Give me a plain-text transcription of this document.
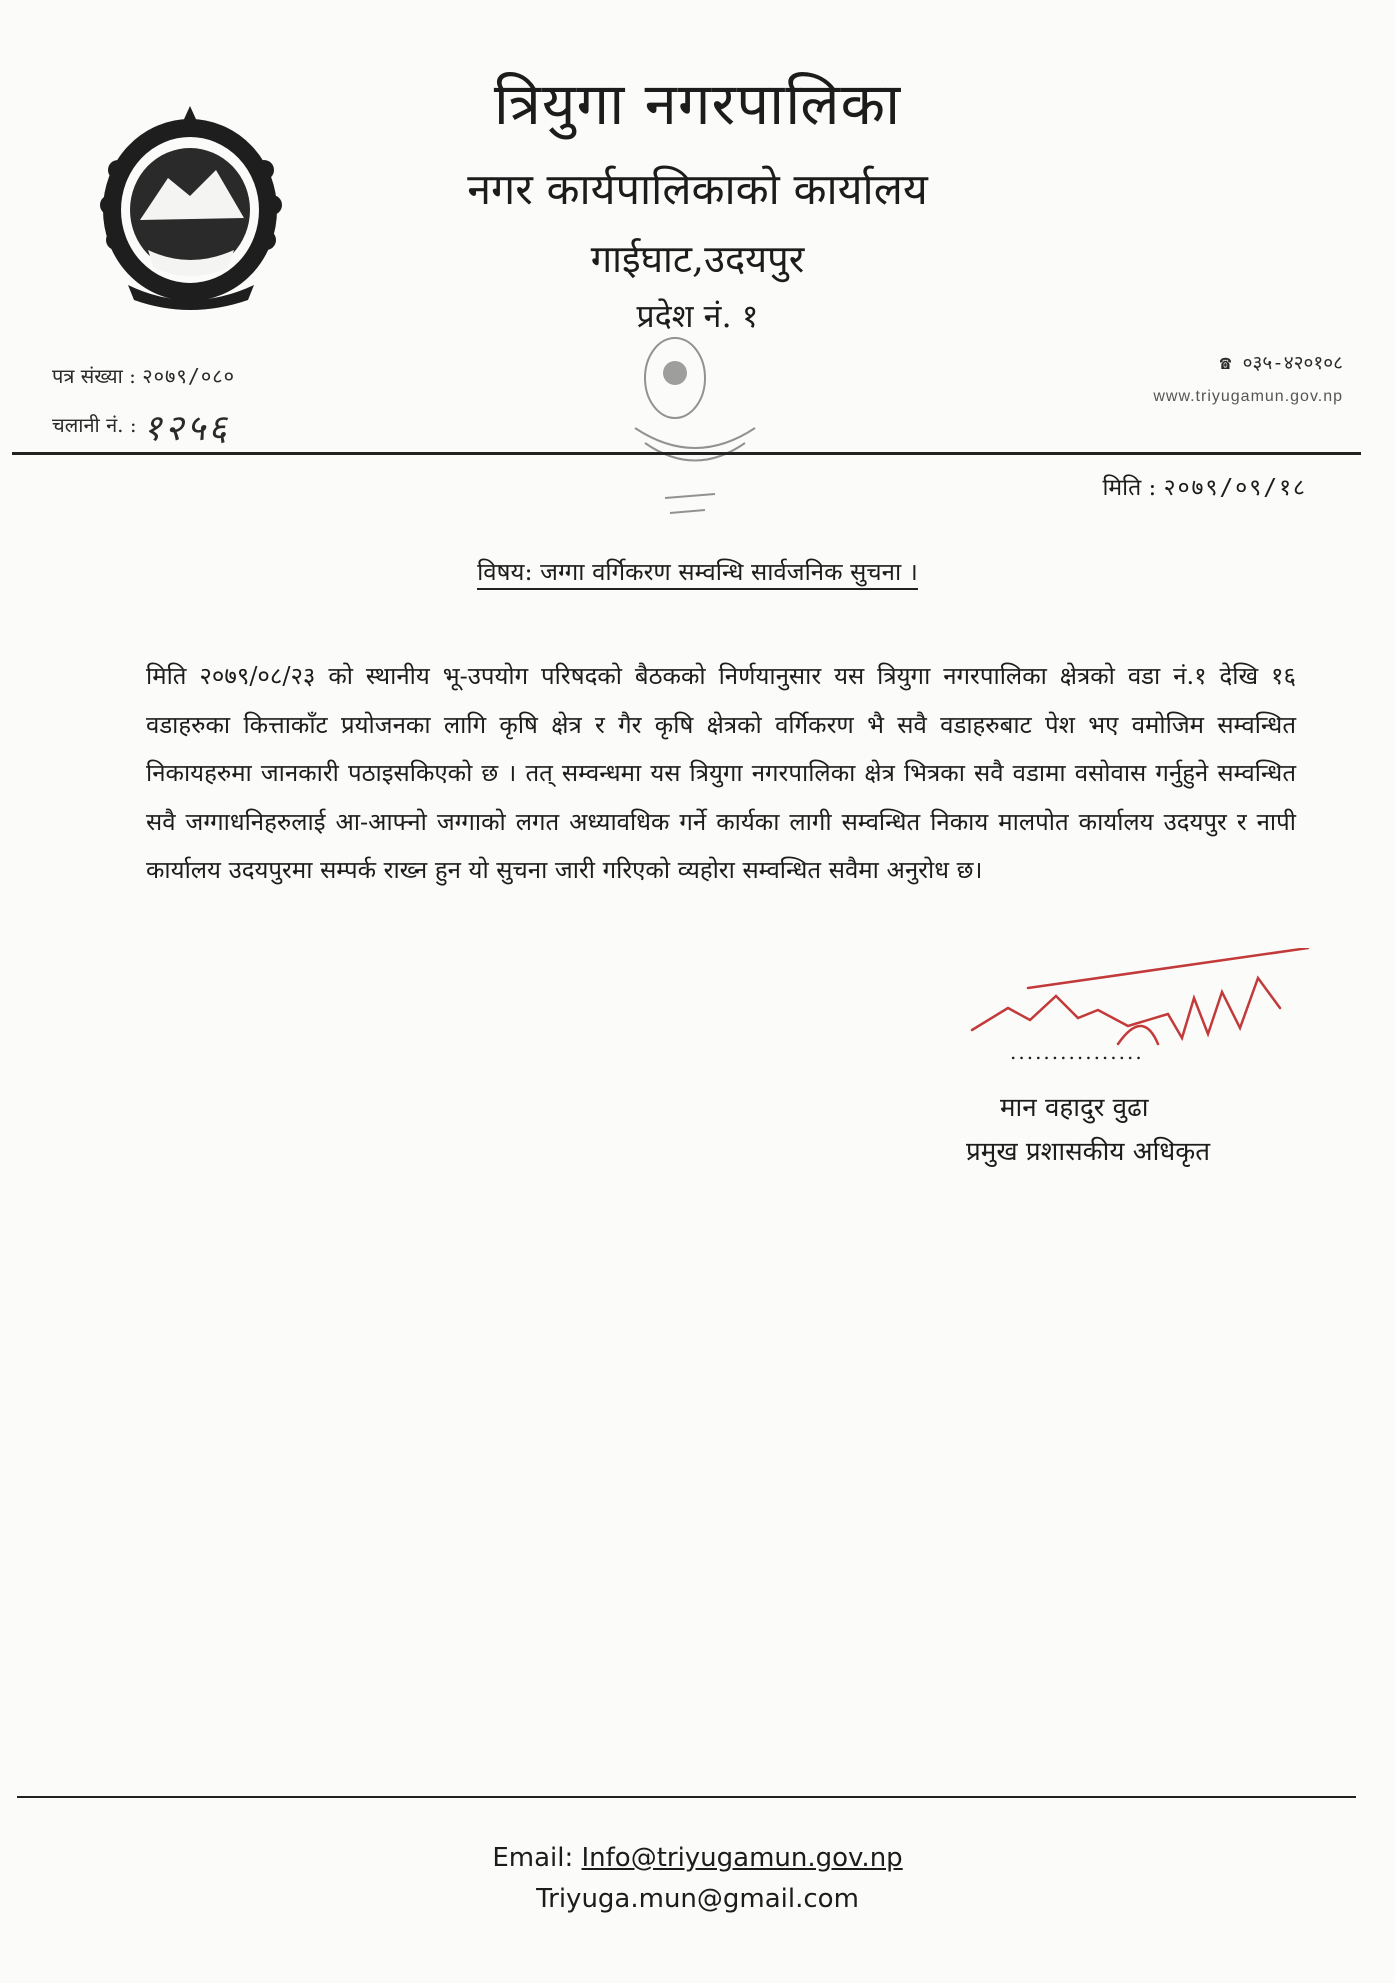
त्रियुगा नगरपालिका
नगर कार्यपालिकाको कार्यालय
गाईघाट,उदयपुर
प्रदेश नं. १
पत्र संख्या : २०७९/०८०
चलानी नं. : १२५६
☎ ०३५-४२०१०८
www.triyugamun.gov.np
मिति : २०७९/०९/१८
विषय: जग्गा वर्गिकरण सम्वन्धि सार्वजनिक सुचना ।
मिति २०७९/०८/२३ को स्थानीय भू-उपयोग परिषदको बैठकको निर्णयानुसार यस त्रियुगा नगरपालिका क्षेत्रको वडा नं.१ देखि १६ वडाहरुका कित्ताकाँट प्रयोजनका लागि कृषि क्षेत्र र गैर कृषि क्षेत्रको वर्गिकरण भै सवै वडाहरुबाट पेश भए वमोजिम सम्वन्धित निकायहरुमा जानकारी पठाइसकिएको छ । तत् सम्वन्धमा यस त्रियुगा नगरपालिका क्षेत्र भित्रका सवै वडामा वसोवास गर्नुहुने सम्वन्धित सवै जग्गाधनिहरुलाई आ-आफ्नो जग्गाको लगत अध्यावधिक गर्ने कार्यका लागी सम्वन्धित निकाय मालपोत कार्यालय उदयपुर र नापी कार्यालय उदयपुरमा सम्पर्क राख्न हुन यो सुचना जारी गरिएको व्यहोरा सम्वन्धित सवैमा अनुरोध छ।
................
मान वहादुर वुढा
प्रमुख प्रशासकीय अधिकृत
Email: Info@triyugamun.gov.np
Triyuga.mun@gmail.com
